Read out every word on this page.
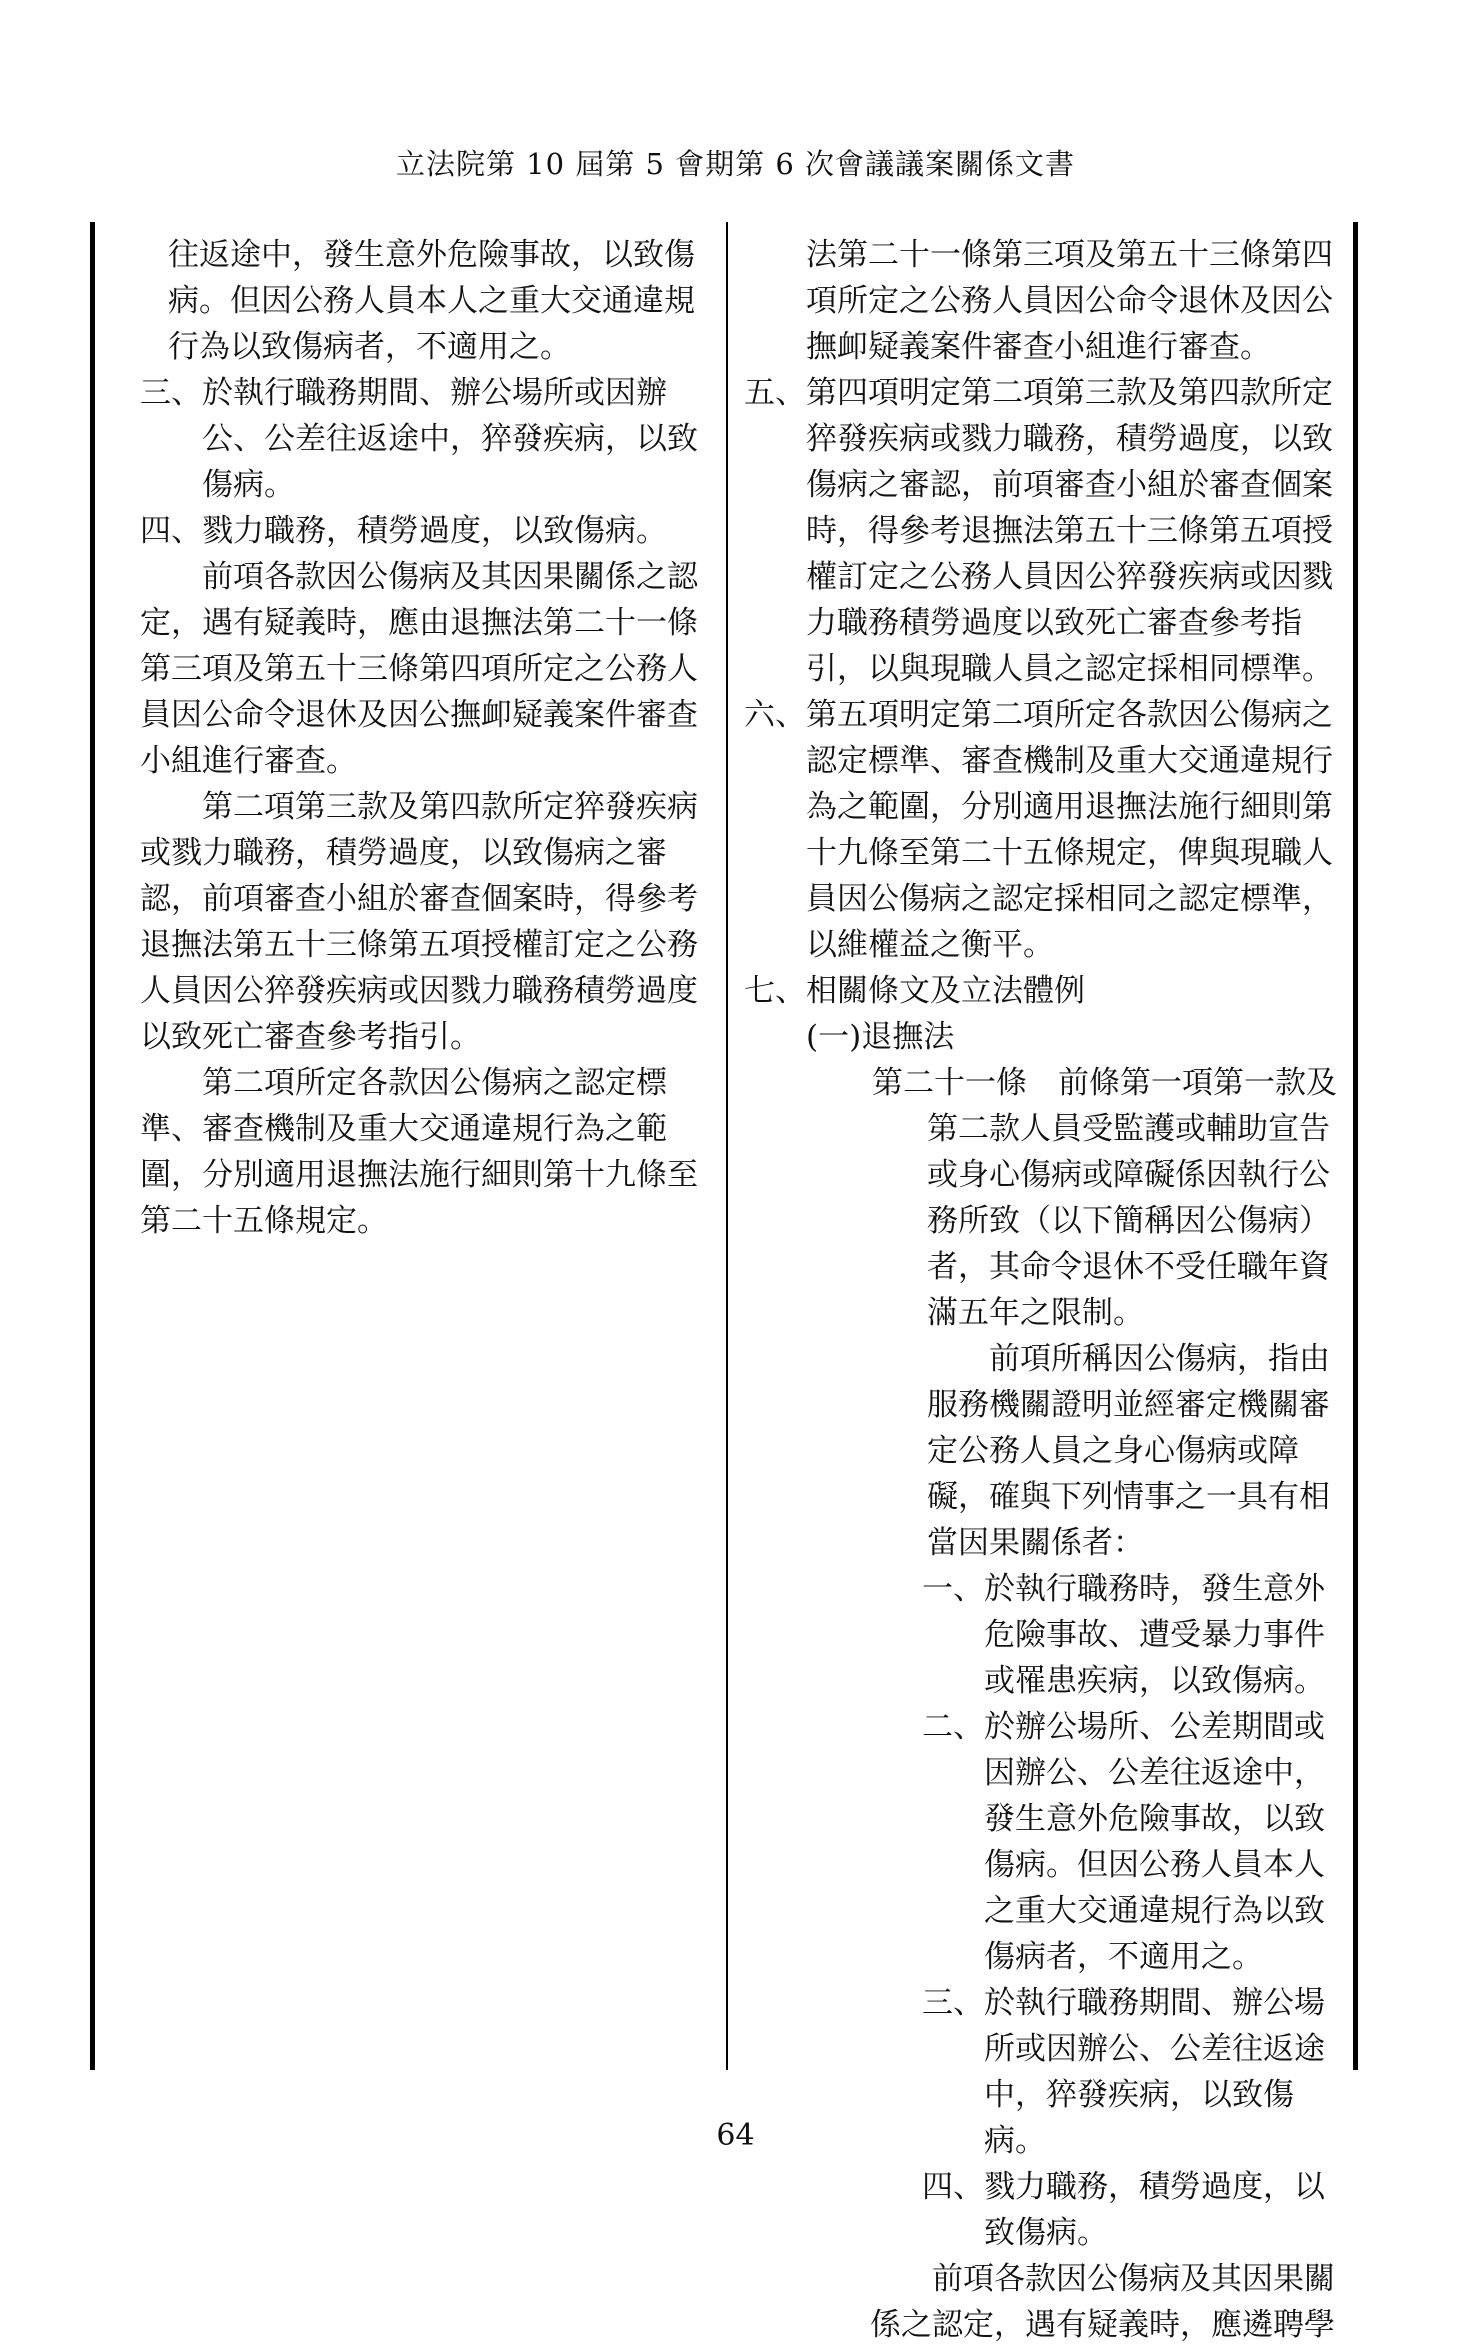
立法院第 10 屆第 5 會期第 6 次會議議案關係文書

往返途中，發生意外危險事故，以致傷病。但因公務人員本人之重大交通違規行為以致傷病者，不適用之。

三、於執行職務期間、辦公場所或因辦公、公差往返途中，猝發疾病，以致傷病。

四、戮力職務，積勞過度，以致傷病。

前項各款因公傷病及其因果關係之認定，遇有疑義時，應由退撫法第二十一條第三項及第五十三條第四項所定之公務人員因公命令退休及因公撫卹疑義案件審查小組進行審查。

第二項第三款及第四款所定猝發疾病或戮力職務，積勞過度，以致傷病之審認，前項審查小組於審查個案時，得參考退撫法第五十三條第五項授權訂定之公務人員因公猝發疾病或因戮力職務積勞過度以致死亡審查參考指引。

第二項所定各款因公傷病之認定標準、審查機制及重大交通違規行為之範圍，分別適用退撫法施行細則第十九條至第二十五條規定。

法第二十一條第三項及第五十三條第四項所定之公務人員因公命令退休及因公撫卹疑義案件審查小組進行審查。

五、第四項明定第二項第三款及第四款所定猝發疾病或戮力職務，積勞過度，以致傷病之審認，前項審查小組於審查個案時，得參考退撫法第五十三條第五項授權訂定之公務人員因公猝發疾病或因戮力職務積勞過度以致死亡審查參考指引，以與現職人員之認定採相同標準。

六、第五項明定第二項所定各款因公傷病之認定標準、審查機制及重大交通違規行為之範圍，分別適用退撫法施行細則第十九條至第二十五條規定，俾與現職人員因公傷病之認定採相同之認定標準，以維權益之衡平。

七、相關條文及立法體例

(一)退撫法

第二十一條　前條第一項第一款及第二款人員受監護或輔助宣告或身心傷病或障礙係因執行公務所致（以下簡稱因公傷病）者，其命令退休不受任職年資滿五年之限制。

前項所稱因公傷病，指由服務機關證明並經審定機關審定公務人員之身心傷病或障礙，確與下列情事之一具有相當因果關係者：

一、於執行職務時，發生意外危險事故、遭受暴力事件或罹患疾病，以致傷病。

二、於辦公場所、公差期間或因辦公、公差往返途中，發生意外危險事故，以致傷病。但因公務人員本人之重大交通違規行為以致傷病者，不適用之。

三、於執行職務期間、辦公場所或因辦公、公差往返途中，猝發疾病，以致傷病。

四、戮力職務，積勞過度，以致傷病。

前項各款因公傷病及其因果關係之認定，遇有疑義時，應遴聘學

64
